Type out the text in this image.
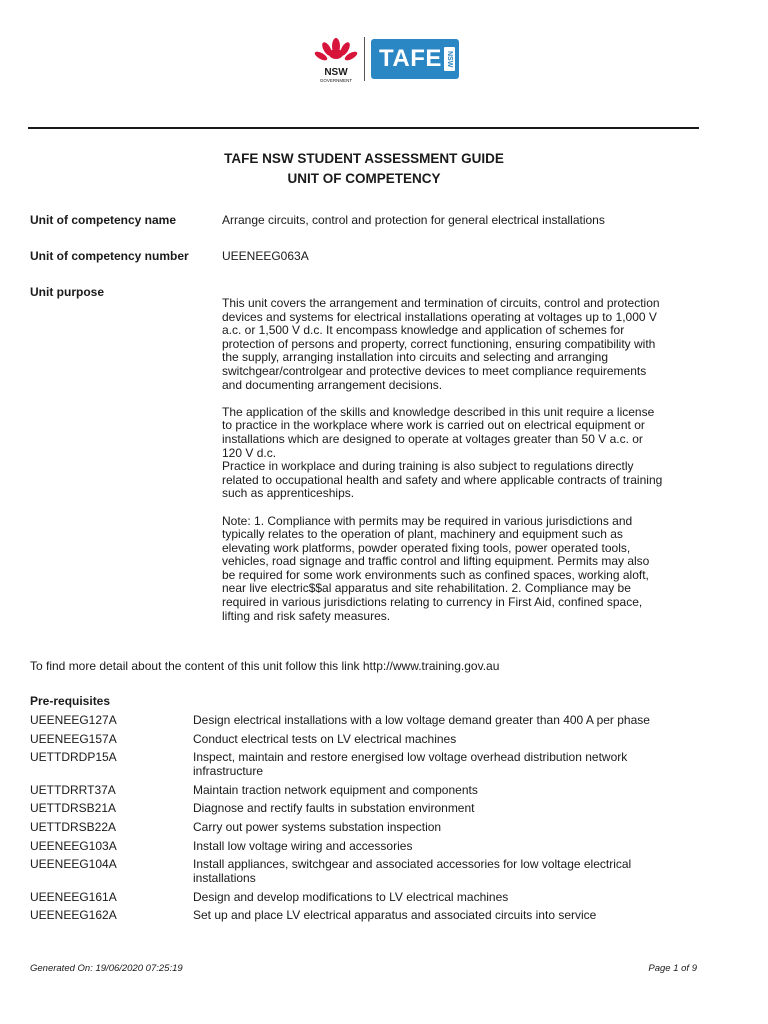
NSW
GOVERNMENT
TAFE NSW
TAFE NSW STUDENT ASSESSMENT GUIDE
UNIT OF COMPETENCY
Unit of competency name	Arrange circuits, control and protection for general electrical installations
Unit of competency number	UEENEEG063A
Unit purpose

This unit covers the arrangement and termination of circuits, control and protection
devices and systems for electrical installations operating at voltages up to 1,000 V
a.c. or 1,500 V d.c. It encompass knowledge and application of schemes for
protection of persons and property, correct functioning, ensuring compatibility with
the supply, arranging installation into circuits and selecting and arranging
switchgear/controlgear and protective devices to meet compliance requirements
and documenting arrangement decisions.

The application of the skills and knowledge described in this unit require a license
to practice in the workplace where work is carried out on electrical equipment or
installations which are designed to operate at voltages greater than 50 V a.c. or
120 V d.c.
Practice in workplace and during training is also subject to regulations directly
related to occupational health and safety and where applicable contracts of training
such as apprenticeships.

Note: 1. Compliance with permits may be required in various jurisdictions and
typically relates to the operation of plant, machinery and equipment such as
elevating work platforms, powder operated fixing tools, power operated tools,
vehicles, road signage and traffic control and lifting equipment. Permits may also
be required for some work environments such as confined spaces, working aloft,
near live electric$$al apparatus and site rehabilitation. 2. Compliance may be
required in various jurisdictions relating to currency in First Aid, confined space,
lifting and risk safety measures.

To find more detail about the content of this unit follow this link http://www.training.gov.au
Pre-requisites
UEENEEG127A	Design electrical installations with a low voltage demand greater than 400 A per phase
UEENEEG157A	Conduct electrical tests on LV electrical machines
UETTDRDP15A	Inspect, maintain and restore energised low voltage overhead distribution network infrastructure
UETTDRRT37A	Maintain traction network equipment and components
UETTDRSB21A	Diagnose and rectify faults in substation environment
UETTDRSB22A	Carry out power systems substation inspection
UEENEEG103A	Install low voltage wiring and accessories
UEENEEG104A	Install appliances, switchgear and associated accessories for low voltage electrical installations
UEENEEG161A	Design and develop modifications to LV electrical machines
UEENEEG162A	Set up and place LV electrical apparatus and associated circuits into service
Generated On: 19/06/2020 07:25:19	Page 1 of 9
